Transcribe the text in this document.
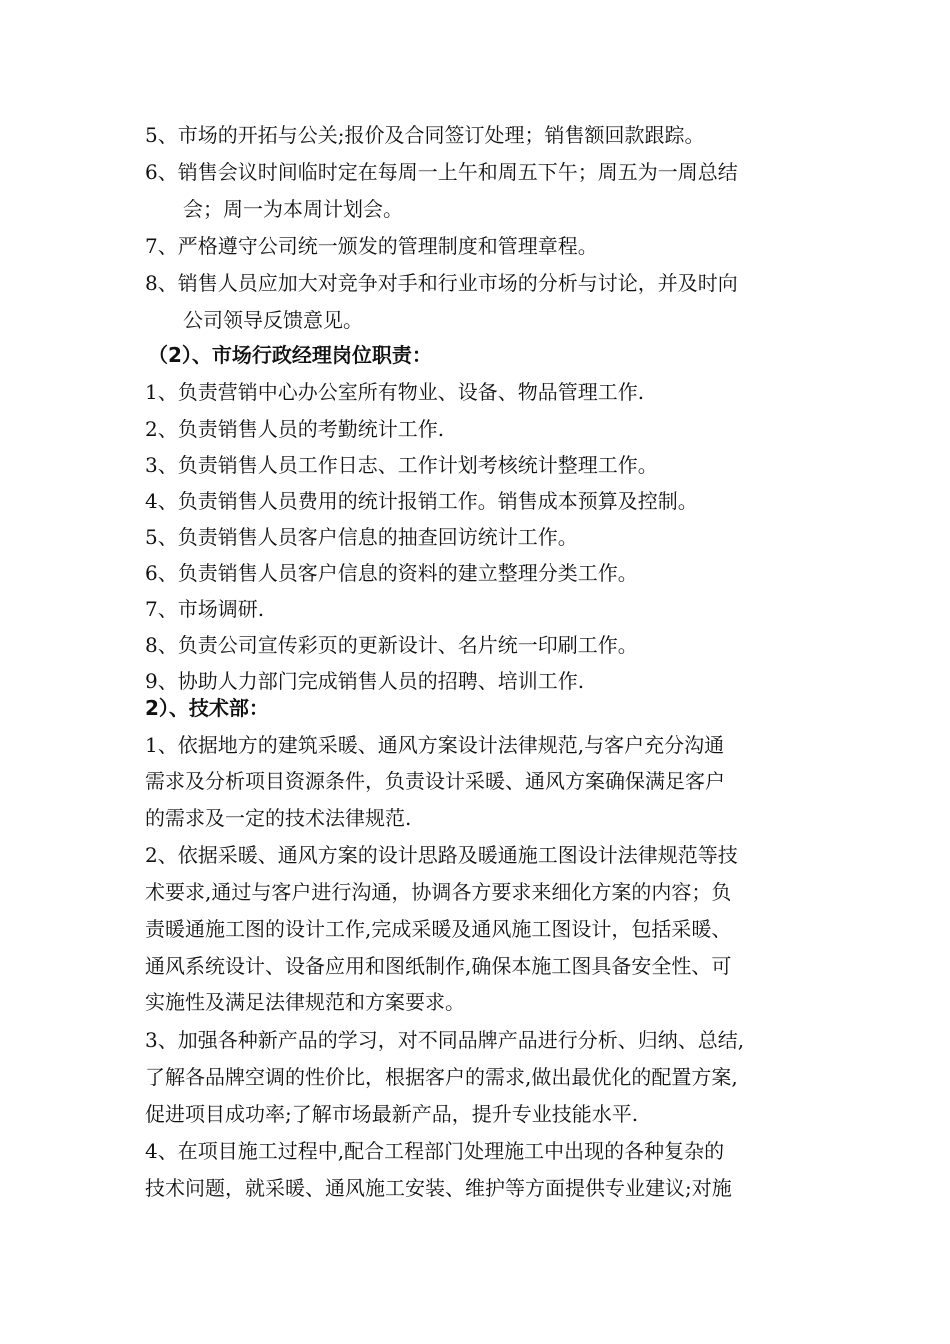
5、市场的开拓与公关;报价及合同签订处理；销售额回款跟踪。
6、销售会议时间临时定在每周一上午和周五下午；周五为一周总结
会；周一为本周计划会。
7、严格遵守公司统一颁发的管理制度和管理章程。
8、销售人员应加大对竞争对手和行业市场的分析与讨论，并及时向
公司领导反馈意见。
（2）、市场行政经理岗位职责：
1、负责营销中心办公室所有物业、设备、物品管理工作.
2、负责销售人员的考勤统计工作.
3、负责销售人员工作日志、工作计划考核统计整理工作。
4、负责销售人员费用的统计报销工作。销售成本预算及控制。
5、负责销售人员客户信息的抽查回访统计工作。
6、负责销售人员客户信息的资料的建立整理分类工作。
7、市场调研.
8、负责公司宣传彩页的更新设计、名片统一印刷工作。
9、协助人力部门完成销售人员的招聘、培训工作.
2）、技术部：
1、依据地方的建筑采暖、通风方案设计法律规范,与客户充分沟通
需求及分析项目资源条件，负责设计采暖、通风方案确保满足客户
的需求及一定的技术法律规范.
2、依据采暖、通风方案的设计思路及暖通施工图设计法律规范等技
术要求,通过与客户进行沟通，协调各方要求来细化方案的内容；负
责暖通施工图的设计工作,完成采暖及通风施工图设计，包括采暖、
通风系统设计、设备应用和图纸制作,确保本施工图具备安全性、可
实施性及满足法律规范和方案要求。
3、加强各种新产品的学习，对不同品牌产品进行分析、归纳、总结,
了解各品牌空调的性价比，根据客户的需求,做出最优化的配置方案,
促进项目成功率;了解市场最新产品，提升专业技能水平.
4、在项目施工过程中,配合工程部门处理施工中出现的各种复杂的
技术问题，就采暖、通风施工安装、维护等方面提供专业建议;对施
